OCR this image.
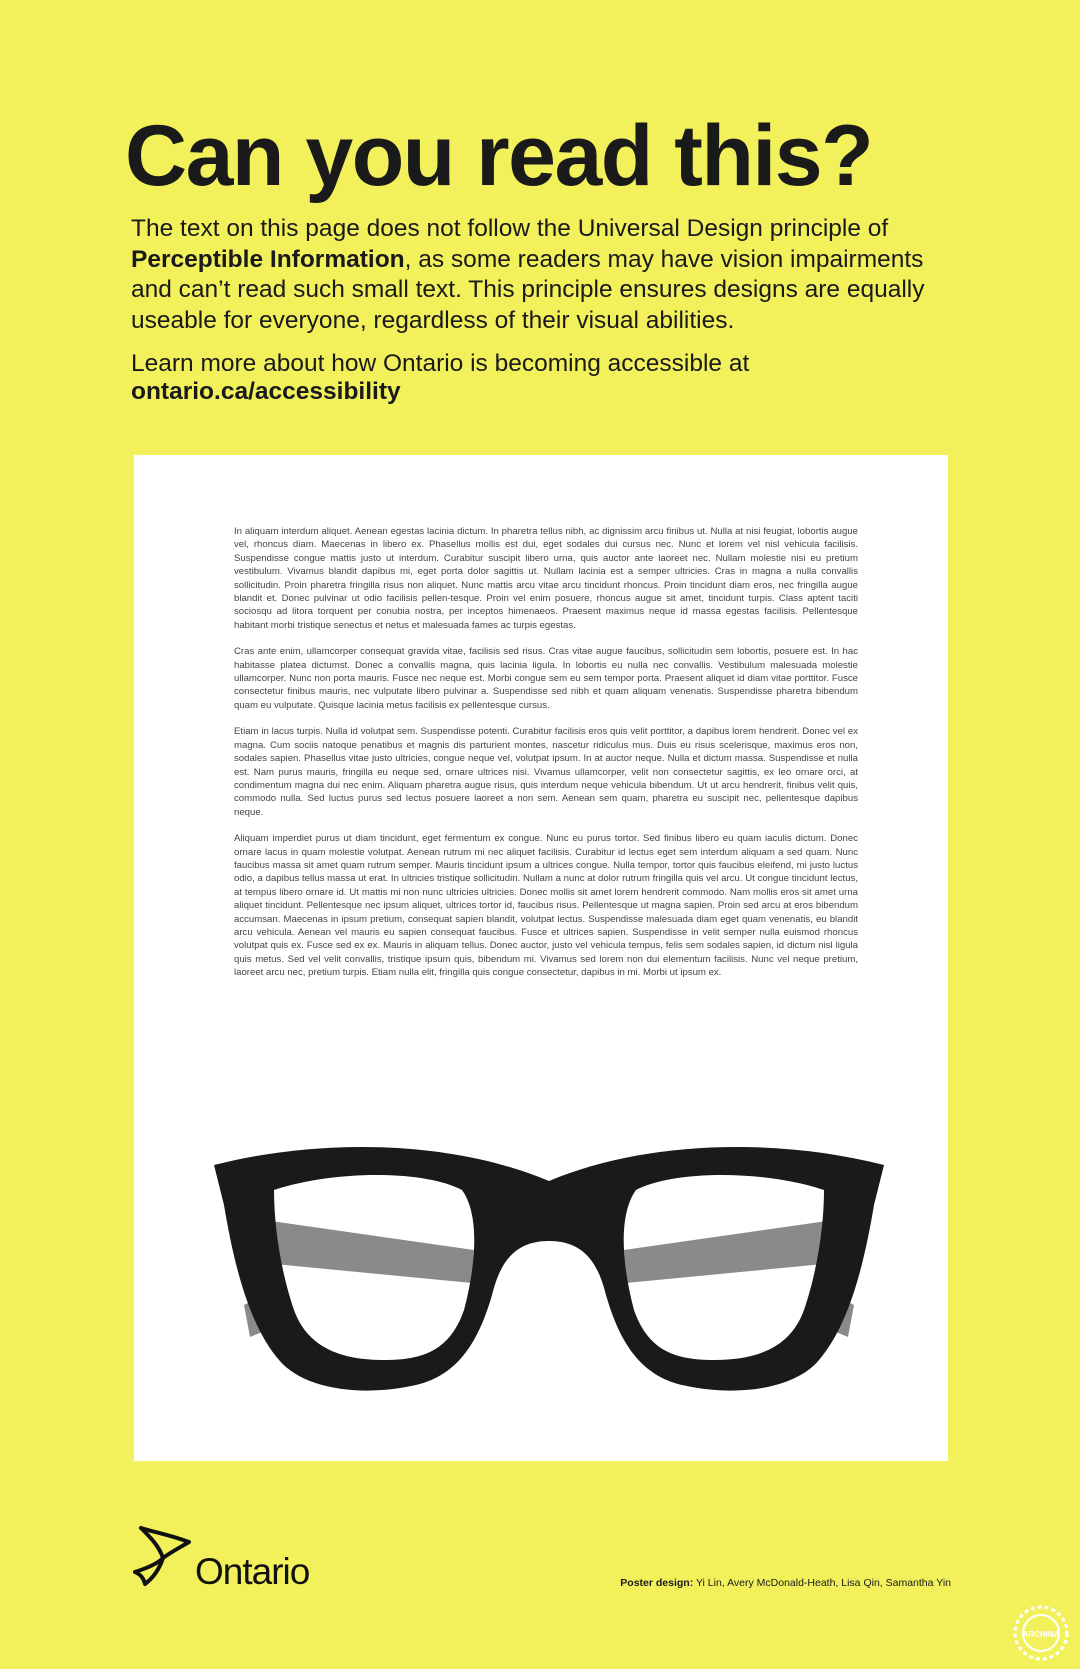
Can you read this?

The text on this page does not follow the Universal Design principle of Perceptible Information, as some readers may have vision impairments and can’t read such small text. This principle ensures designs are equally useable for everyone, regardless of their visual abilities.

Learn more about how Ontario is becoming accessible at ontario.ca/accessibility

In aliquam interdum aliquet. Aenean egestas lacinia dictum. In pharetra tellus nibh, ac dignissim arcu finibus ut. Nulla at nisi feugiat, lobortis augue vel, rhoncus diam. Maecenas in libero ex. Phasellus mollis est dui, eget sodales dui cursus nec. Nunc et lorem vel nisl vehicula facilisis. Suspendisse congue mattis justo ut interdum. Curabitur suscipit libero urna, quis auctor ante laoreet nec. Nullam molestie nisi eu pretium vestibulum. Vivamus blandit dapibus mi, eget porta dolor sagittis ut. Nullam lacinia est a semper ultricies. Cras in magna a nulla convallis sollicitudin. Proin pharetra fringilla risus non aliquet. Nunc mattis arcu vitae arcu tincidunt rhoncus. Proin tincidunt diam eros, nec fringilla augue blandit et. Donec pulvinar ut odio facilisis pellen-tesque. Proin vel enim posuere, rhoncus augue sit amet, tincidunt turpis. Class aptent taciti sociosqu ad litora torquent per conubia nostra, per inceptos himenaeos. Praesent maximus neque id massa egestas facilisis. Pellentesque habitant morbi tristique senectus et netus et malesuada fames ac turpis egestas.

Cras ante enim, ullamcorper consequat gravida vitae, facilisis sed risus. Cras vitae augue faucibus, sollicitudin sem lobortis, posuere est. In hac habitasse platea dictumst. Donec a convallis magna, quis lacinia ligula. In lobortis eu nulla nec convallis. Vestibulum malesuada molestie ullamcorper. Nunc non porta mauris. Fusce nec neque est. Morbi congue sem eu sem tempor porta. Praesent aliquet id diam vitae porttitor. Fusce consectetur finibus mauris, nec vulputate libero pulvinar a. Suspendisse sed nibh et quam aliquam venenatis. Suspendisse pharetra bibendum quam eu vulputate. Quisque lacinia metus facilisis ex pellentesque cursus.

Etiam in lacus turpis. Nulla id volutpat sem. Suspendisse potenti. Curabitur facilisis eros quis velit porttitor, a dapibus lorem hendrerit. Donec vel ex magna. Cum sociis natoque penatibus et magnis dis parturient montes, nascetur ridiculus mus. Duis eu risus scelerisque, maximus eros non, sodales sapien. Phasellus vitae justo ultricies, congue neque vel, volutpat ipsum. In at auctor neque. Nulla et dictum massa. Suspendisse et nulla est. Nam purus mauris, fringilla eu neque sed, ornare ultrices nisi. Vivamus ullamcorper, velit non consectetur sagittis, ex leo ornare orci, at condimentum magna dui nec enim. Aliquam pharetra augue risus, quis interdum neque vehicula bibendum. Ut ut arcu hendrerit, finibus velit quis, commodo nulla. Sed luctus purus sed lectus posuere laoreet a non sem. Aenean sem quam, pharetra eu suscipit nec, pellentesque dapibus neque.

Aliquam imperdiet purus ut diam tincidunt, eget fermentum ex congue. Nunc eu purus tortor. Sed finibus libero eu quam iaculis dictum. Donec ornare lacus in quam molestie volutpat. Aenean rutrum mi nec aliquet facilisis. Curabitur id lectus eget sem interdum aliquam a sed quam. Nunc faucibus massa sit amet quam rutrum semper. Mauris tincidunt ipsum a ultrices congue. Nulla tempor, tortor quis faucibus eleifend, mi justo luctus odio, a dapibus tellus massa ut erat. In ultricies tristique sollicitudin. Nullam a nunc at dolor rutrum fringilla quis vel arcu. Ut congue tincidunt lectus, at tempus libero ornare id. Ut mattis mi non nunc ultricies ultricies. Donec mollis sit amet lorem hendrerit commodo. Nam mollis eros sit amet urna aliquet tincidunt. Pellentesque nec ipsum aliquet, ultrices tortor id, faucibus risus. Pellentesque ut magna sapien. Proin sed arcu at eros bibendum accumsan. Maecenas in ipsum pretium, consequat sapien blandit, volutpat lectus. Suspendisse malesuada diam eget quam venenatis, eu blandit arcu vehicula. Aenean vel mauris eu sapien consequat faucibus. Fusce et ultrices sapien. Suspendisse in velit semper nulla euismod rhoncus volutpat quis ex. Fusce sed ex ex. Mauris in aliquam tellus. Donec auctor, justo vel vehicula tempus, felis sem sodales sapien, id dictum nisl ligula quis metus. Sed vel velit convallis, tristique ipsum quis, bibendum mi. Vivamus sed lorem non dui elementum facilisis. Nunc vel neque pretium, laoreet arcu nec, pretium turpis. Etiam nulla elit, fringilla quis congue consectetur, dapibus in mi. Morbi ut ipsum ex.

Ontario	Poster design: Yi Lin, Avery McDonald-Heath, Lisa Qin, Samantha Yin
ARCHINA
